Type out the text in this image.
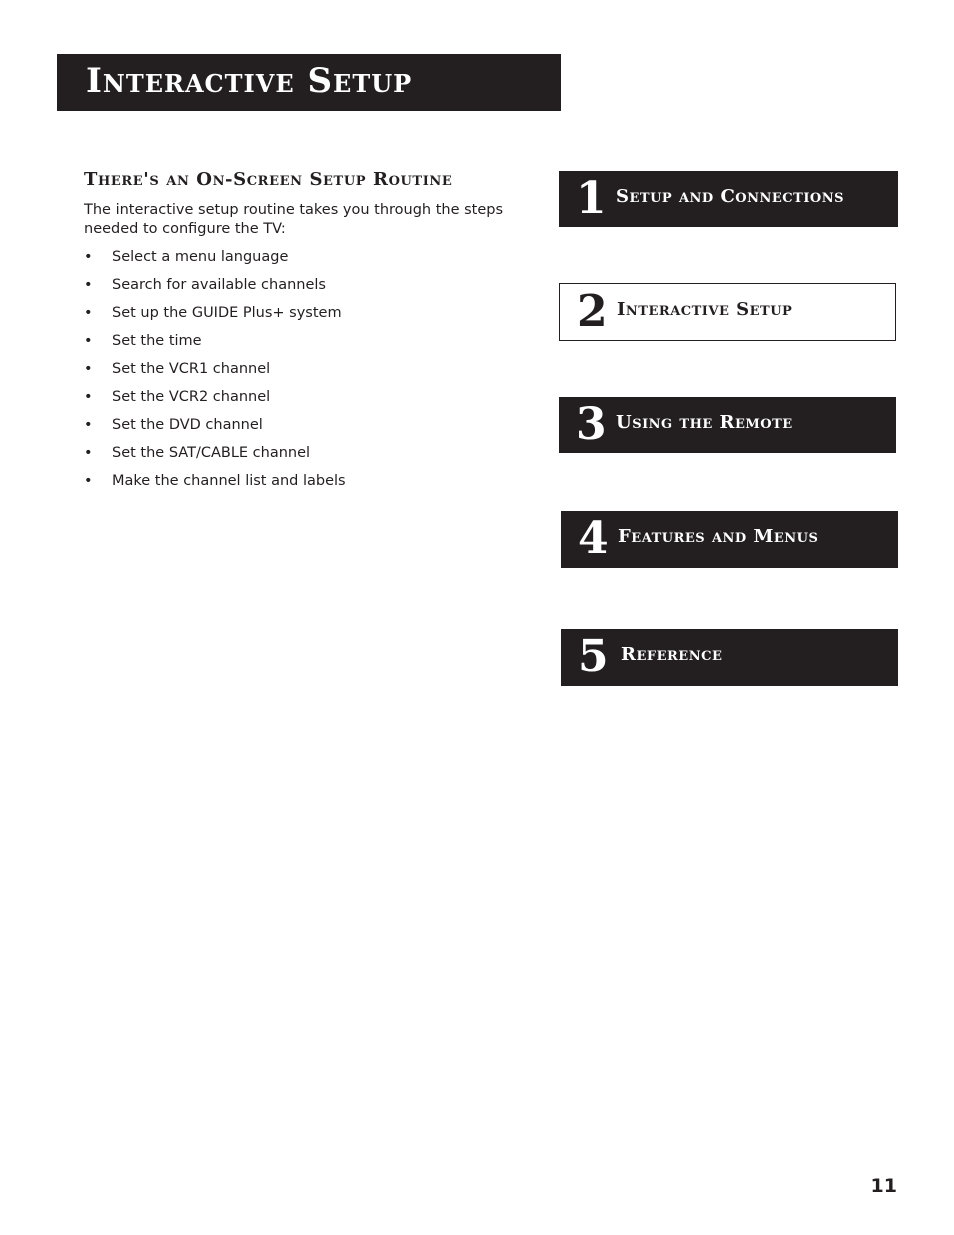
Interactive Setup
There's an On-Screen Setup Routine
The interactive setup routine takes you through the steps needed to configure the TV:
• Select a menu language
• Search for available channels
• Set up the GUIDE Plus+ system
• Set the time
• Set the VCR1 channel
• Set the VCR2 channel
• Set the DVD channel
• Set the SAT/CABLE channel
• Make the channel list and labels
1 Setup and Connections
2 Interactive Setup
3 Using the Remote
4 Features and Menus
5 Reference
11
